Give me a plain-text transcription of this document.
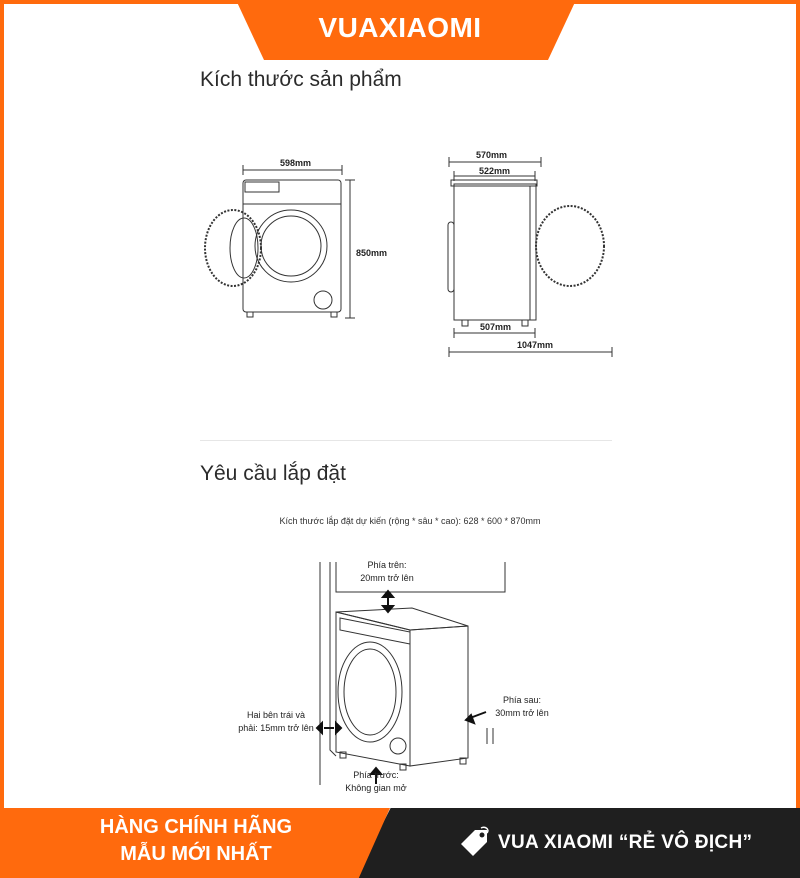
VUAXIAOMI
Kích thước sản phẩm
598mm
850mm
570mm
522mm
507mm
1047mm
Yêu cầu lắp đặt
Kích thước lắp đặt dự kiến (rộng * sâu * cao): 628 * 600 * 870mm
Phía trên:
20mm trở lên
Phía sau:
30mm trở lên
Hai bên trái và
phải: 15mm trở lên
Phía trước:
Không gian mở
HÀNG CHÍNH HÃNG
MẪU MỚI NHẤT
VUA XIAOMI “RẺ VÔ ĐỊCH”
